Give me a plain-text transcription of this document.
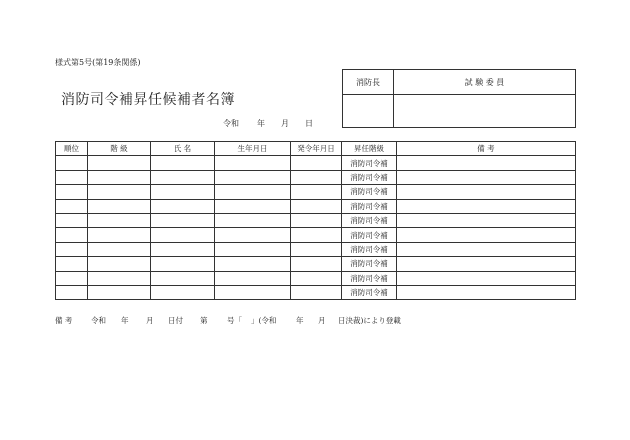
様式第5号(第19条関係)
消防司令補昇任候補者名簿
令和 年 月 日
消防長	試 験 委 員

順位	階 級	氏 名	生年月日	発令年月日	昇任階級	備 考
					消防司令補	
					消防司令補	
					消防司令補	
					消防司令補	
					消防司令補	
					消防司令補	
					消防司令補	
					消防司令補	
					消防司令補	
					消防司令補	
備 考 令和 年 月 日付 第	号「 」(令和	年 月 日決裁)により登載
